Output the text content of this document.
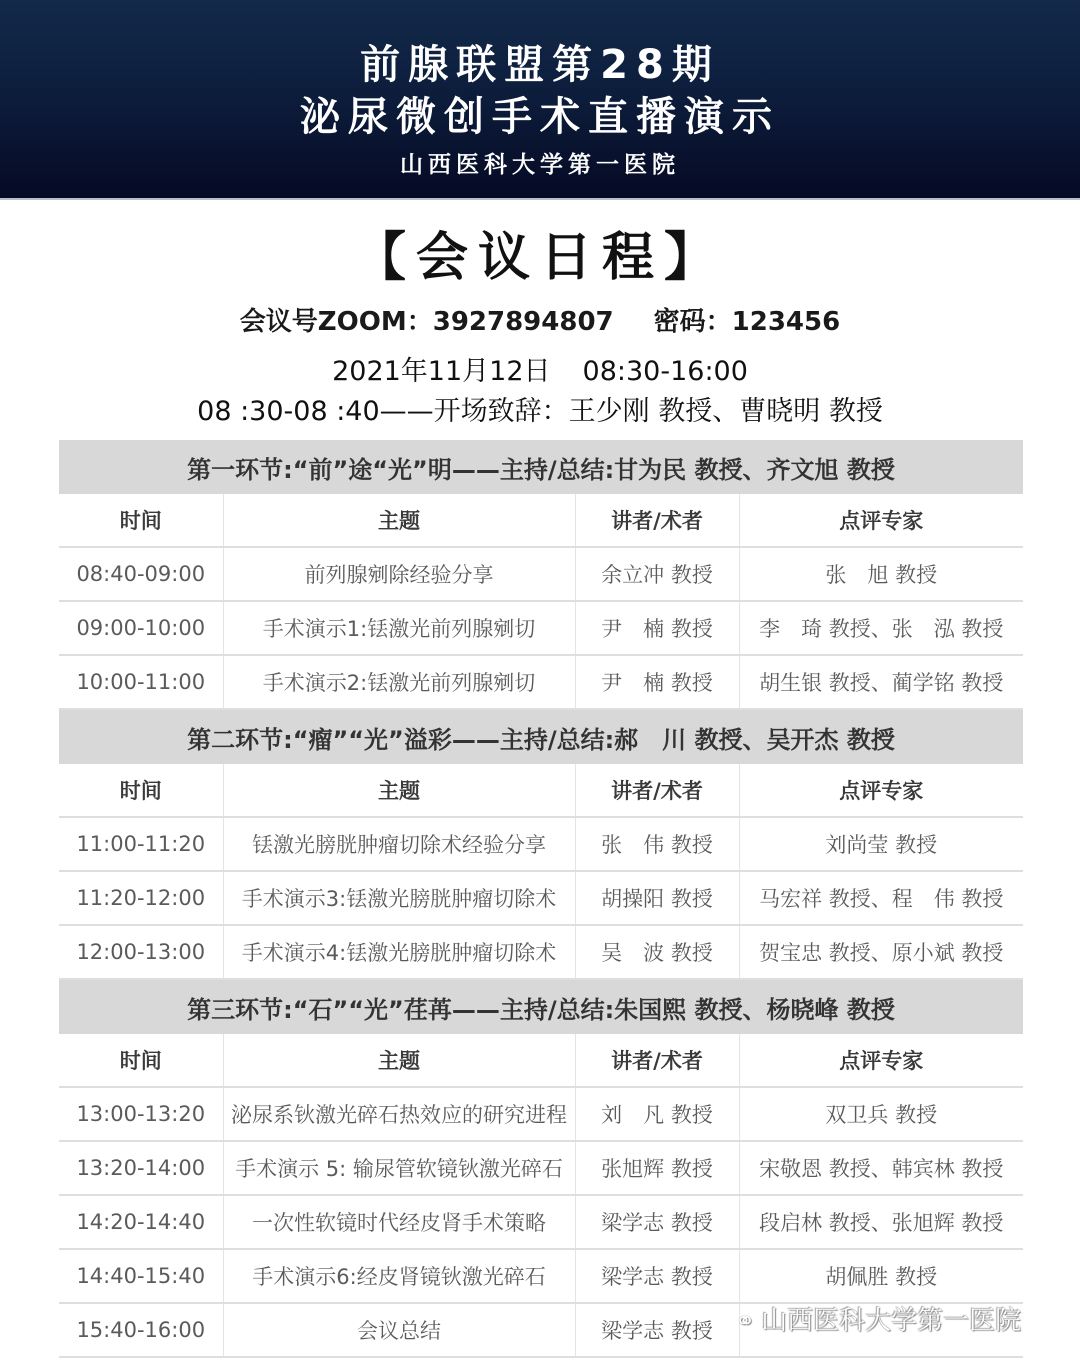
前腺联盟第28期
泌尿微创手术直播演示
山西医科大学第一医院
【会议日程】
会议号ZOOM：3927894807 密码：123456
2021年11月12日 08:30-16:00
08 :30-08 :40——开场致辞：王少刚 教授、曹晓明 教授
第一环节:“前”途“光”明——主持/总结:甘为民 教授、齐文旭 教授			
时间	主题	讲者/术者	点评专家
08:40-09:00	前列腺剜除经验分享	余立冲 教授	张　旭 教授
09:00-10:00	手术演示1:铥激光前列腺剜切	尹　楠 教授	李　琦 教授、张　泓 教授
10:00-11:00	手术演示2:铥激光前列腺剜切	尹　楠 教授	胡生银 教授、蔺学铭 教授
第二环节:“瘤”“光”溢彩——主持/总结:郝　川 教授、吴开杰 教授			
时间	主题	讲者/术者	点评专家
11:00-11:20	铥激光膀胱肿瘤切除术经验分享	张　伟 教授	刘尚莹 教授
11:20-12:00	手术演示3:铥激光膀胱肿瘤切除术	胡操阳 教授	马宏祥 教授、程　伟 教授
12:00-13:00	手术演示4:铥激光膀胱肿瘤切除术	吴　波 教授	贺宝忠 教授、原小斌 教授
第三环节:“石”“光”荏苒——主持/总结:朱国熙 教授、杨晓峰 教授			
时间	主题	讲者/术者	点评专家
13:00-13:20	泌尿系钬激光碎石热效应的研究进程	刘　凡 教授	双卫兵 教授
13:20-14:00	手术演示 5: 输尿管软镜钬激光碎石	张旭辉 教授	宋敬恩 教授、韩宾林 教授
14:20-14:40	一次性软镜时代经皮肾手术策略	梁学志 教授	段启林 教授、张旭辉 教授
14:40-15:40	手术演示6:经皮肾镜钬激光碎石	梁学志 教授	胡佩胜 教授
15:40-16:00	会议总结	梁学志 教授	⚭ 山西医科大学第一医院
